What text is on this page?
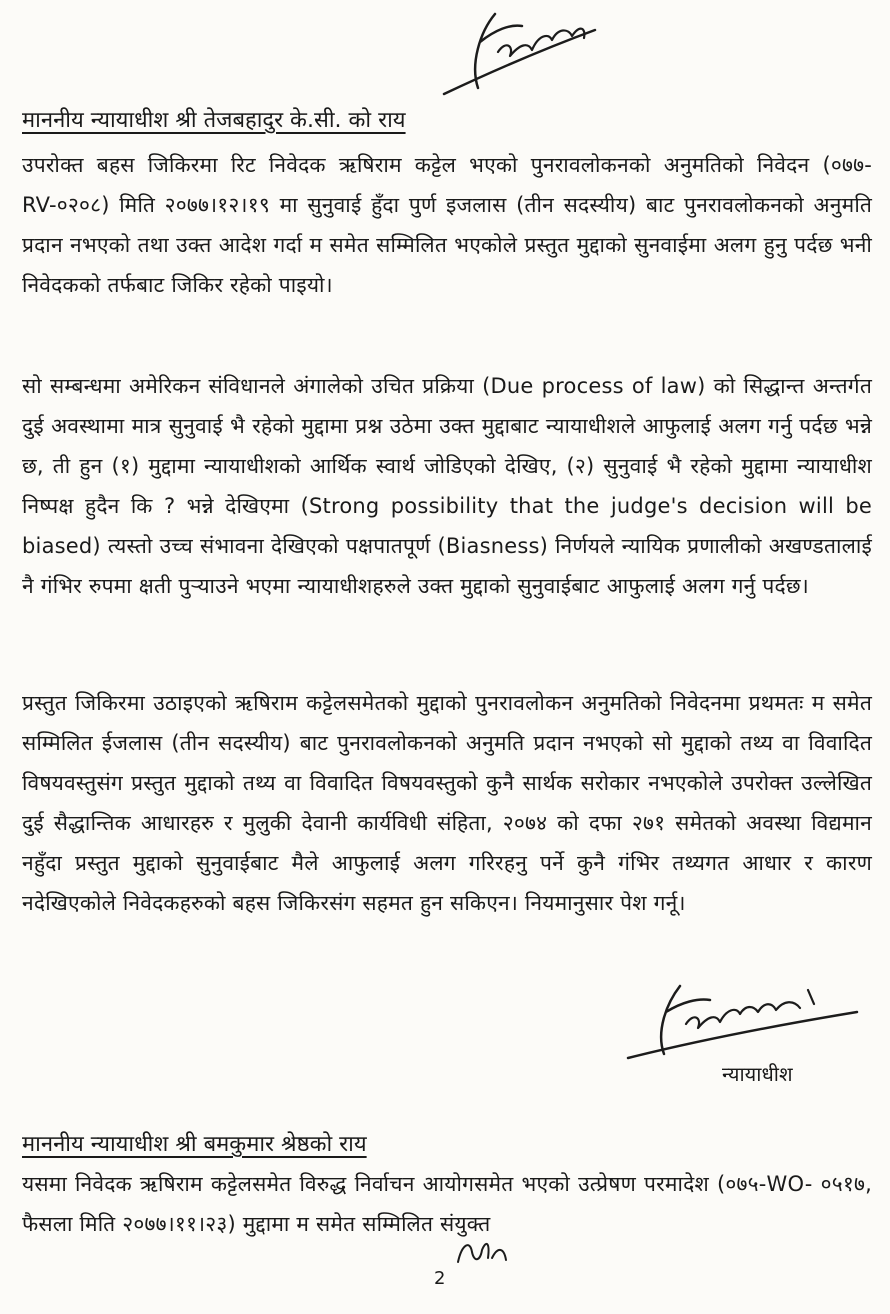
माननीय न्यायाधीश श्री तेजबहादुर के.सी. को राय

उपरोक्त बहस जिकिरमा रिट निवेदक ऋषिराम कट्टेल भएको पुनरावलोकनको अनुमतिको निवेदन (०७७-RV-०२०८) मिति २०७७।१२।१९ मा सुनुवाई हुँदा पुर्ण इजलास (तीन सदस्यीय) बाट पुनरावलोकनको अनुमति प्रदान नभएको तथा उक्त आदेश गर्दा म समेत सम्मिलित भएकोले प्रस्तुत मुद्दाको सुनवाईमा अलग हुनु पर्दछ भनी निवेदकको तर्फबाट जिकिर रहेको पाइयो।

सो सम्बन्धमा अमेरिकन संविधानले अंगालेको उचित प्रक्रिया (Due process of law) को सिद्धान्त अन्तर्गत दुई अवस्थामा मात्र सुनुवाई भै रहेको मुद्दामा प्रश्न उठेमा उक्त मुद्दाबाट न्यायाधीशले आफुलाई अलग गर्नु पर्दछ भन्ने छ, ती हुन (१) मुद्दामा न्यायाधीशको आर्थिक स्वार्थ जोडिएको देखिए, (२) सुनुवाई भै रहेको मुद्दामा न्यायाधीश निष्पक्ष हुदैन कि ? भन्ने देखिएमा (Strong possibility that the judge's decision will be biased) त्यस्तो उच्च संभावना देखिएको पक्षपातपूर्ण (Biasness) निर्णयले न्यायिक प्रणालीको अखण्डतालाई नै गंभिर रुपमा क्षती पुर्‍याउने भएमा न्यायाधीशहरुले उक्त मुद्दाको सुनुवाईबाट आफुलाई अलग गर्नु पर्दछ।

प्रस्तुत जिकिरमा उठाइएको ऋषिराम कट्टेलसमेतको मुद्दाको पुनरावलोकन अनुमतिको निवेदनमा प्रथमतः म समेत सम्मिलित ईजलास (तीन सदस्यीय) बाट पुनरावलोकनको अनुमति प्रदान नभएको सो मुद्दाको तथ्य वा विवादित विषयवस्तुसंग प्रस्तुत मुद्दाको तथ्य वा विवादित विषयवस्तुको कुनै सार्थक सरोकार नभएकोले उपरोक्त उल्लेखित दुई सैद्धान्तिक आधारहरु र मुलुकी देवानी कार्यविधी संहिता, २०७४ को दफा २७१ समेतको अवस्था विद्यमान नहुँदा प्रस्तुत मुद्दाको सुनुवाईबाट मैले आफुलाई अलग गरिरहनु पर्ने कुनै गंभिर तथ्यगत आधार र कारण नदेखिएकोले निवेदकहरुको बहस जिकिरसंग सहमत हुन सकिएन। नियमानुसार पेश गर्नू।

न्यायाधीश
माननीय न्यायाधीश श्री बमकुमार श्रेष्ठको राय

यसमा निवेदक ऋषिराम कट्टेलसमेत विरुद्ध निर्वाचन आयोगसमेत भएको उत्प्रेषण परमादेश (०७५-WO- ०५१७, फैसला मिति २०७७।११।२३) मुद्दामा म समेत सम्मिलित संयुक्त

2
